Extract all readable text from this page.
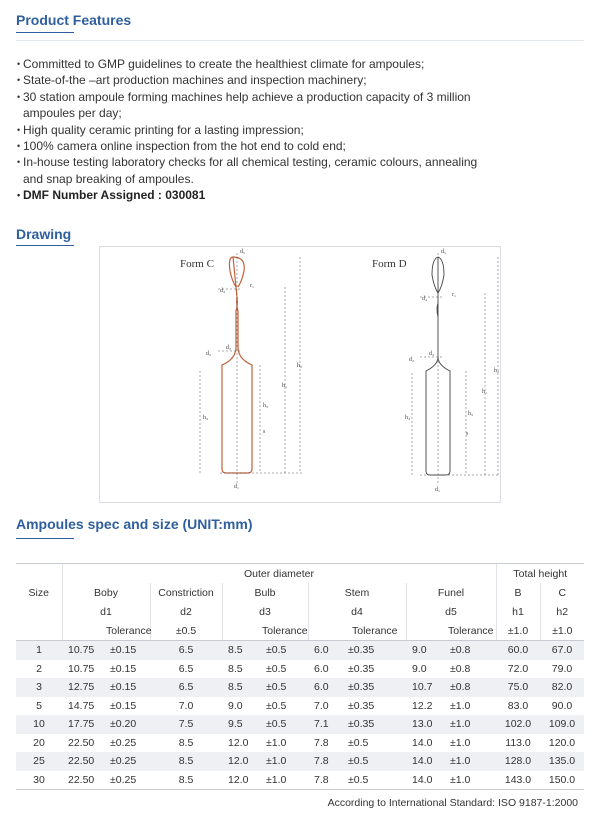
Product Features
• Committed to GMP guidelines to create the healthiest climate for ampoules;
• State-of-the –art production machines and inspection machinery;
• 30 station ampoule forming machines help achieve a production capacity of 3 million ampoules per day;
• High quality ceramic printing for a lasting impression;
• 100% camera online inspection from the hot end to cold end;
• In-house testing laboratory checks for all chemical testing, ceramic colours, annealing and snap breaking of ampoules.
• DMF Number Assigned : 030081
Drawing
Form C
d₅
d₄
r₁
d₃
d₂
h₄
h₃
h₁
h₂
s
d₁
Form D
d₅
d₄
r₁
d₃
d₂
h₄
h₃
h₁
h₂
s
d₁
Ampoules spec and size (UNIT:mm)
Size	Outer diameter									Total height	
	Boby		Constriction	Bulb		Stem		Funel		B	C
	d1		d2	d3		d4		d5		h1	h2
		Tolerance	±0.5		Tolerance		Tolerance		Tolerance	±1.0	±1.0
1	10.75	±0.15	6.5	8.5	±0.5	6.0	±0.35	9.0	±0.8	60.0	67.0
2	10.75	±0.15	6.5	8.5	±0.5	6.0	±0.35	9.0	±0.8	72.0	79.0
3	12.75	±0.15	6.5	8.5	±0.5	6.0	±0.35	10.7	±0.8	75.0	82.0
5	14.75	±0.15	7.0	9.0	±0.5	7.0	±0.35	12.2	±1.0	83.0	90.0
10	17.75	±0.20	7.5	9.5	±0.5	7.1	±0.35	13.0	±1.0	102.0	109.0
20	22.50	±0.25	8.5	12.0	±1.0	7.8	±0.5	14.0	±1.0	113.0	120.0
25	22.50	±0.25	8.5	12.0	±1.0	7.8	±0.5	14.0	±1.0	128.0	135.0
30	22.50	±0.25	8.5	12.0	±1.0	7.8	±0.5	14.0	±1.0	143.0	150.0
According to International Standard: ISO 9187-1:2000
